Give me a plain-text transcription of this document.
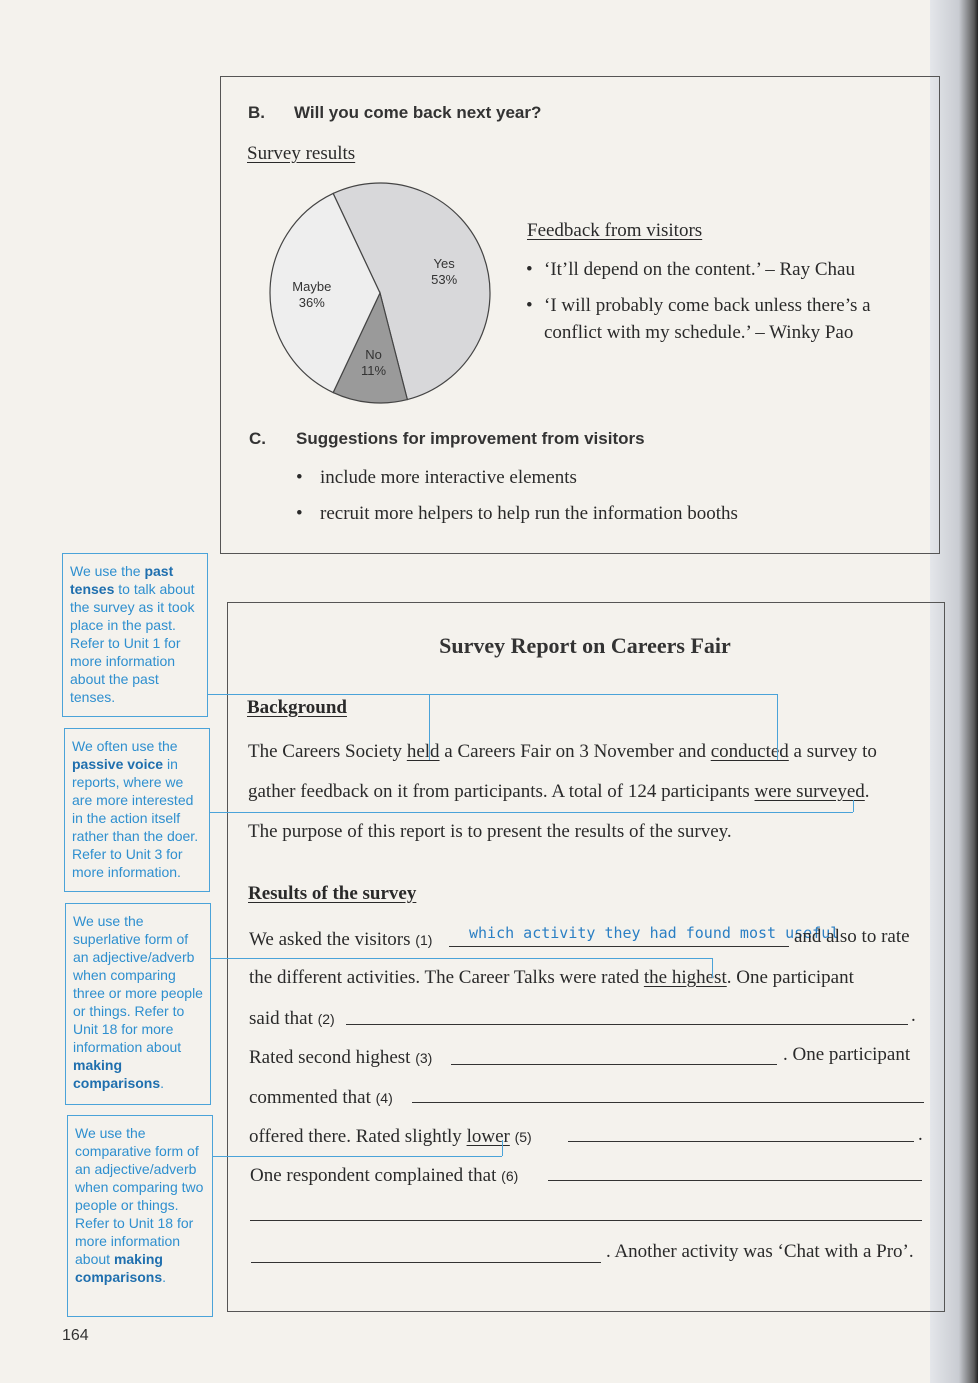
B. Will you come back next year?
Survey results
Yes
53%
No
11%
Maybe
36%
Feedback from visitors
• ‘It’ll depend on the content.’ – Ray Chau
• ‘I will probably come back unless there’s a conflict with my schedule.’ – Winky Pao
C. Suggestions for improvement from visitors
• include more interactive elements
• recruit more helpers to help run the information booths
Survey Report on Careers Fair
Background
The Careers Society held a Careers Fair on 3 November and conducted a survey to
gather feedback on it from participants. A total of 124 participants were surveyed.
The purpose of this report is to present the results of the survey.
Results of the survey
We asked the visitors (1) which activity they had found most useful
and also to rate
the different activities. The Career Talks were rated the highest. One participant
said that (2)	.
Rated second highest (3)	. One participant
commented that (4)
offered there. Rated slightly lower (5)	.
One respondent complained that (6)
. Another activity was ‘Chat with a Pro’.
We use the past tenses to talk about the survey as it took place in the past. Refer to Unit 1 for more information about the past tenses.
We often use the passive voice in reports, where we are more interested in the action itself rather than the doer. Refer to Unit 3 for more information.
We use the superlative form of an adjective/adverb when comparing three or more people or things. Refer to Unit 18 for more information about making comparisons.
We use the comparative form of an adjective/adverb when comparing two people or things. Refer to Unit 18 for more information about making comparisons.
164
